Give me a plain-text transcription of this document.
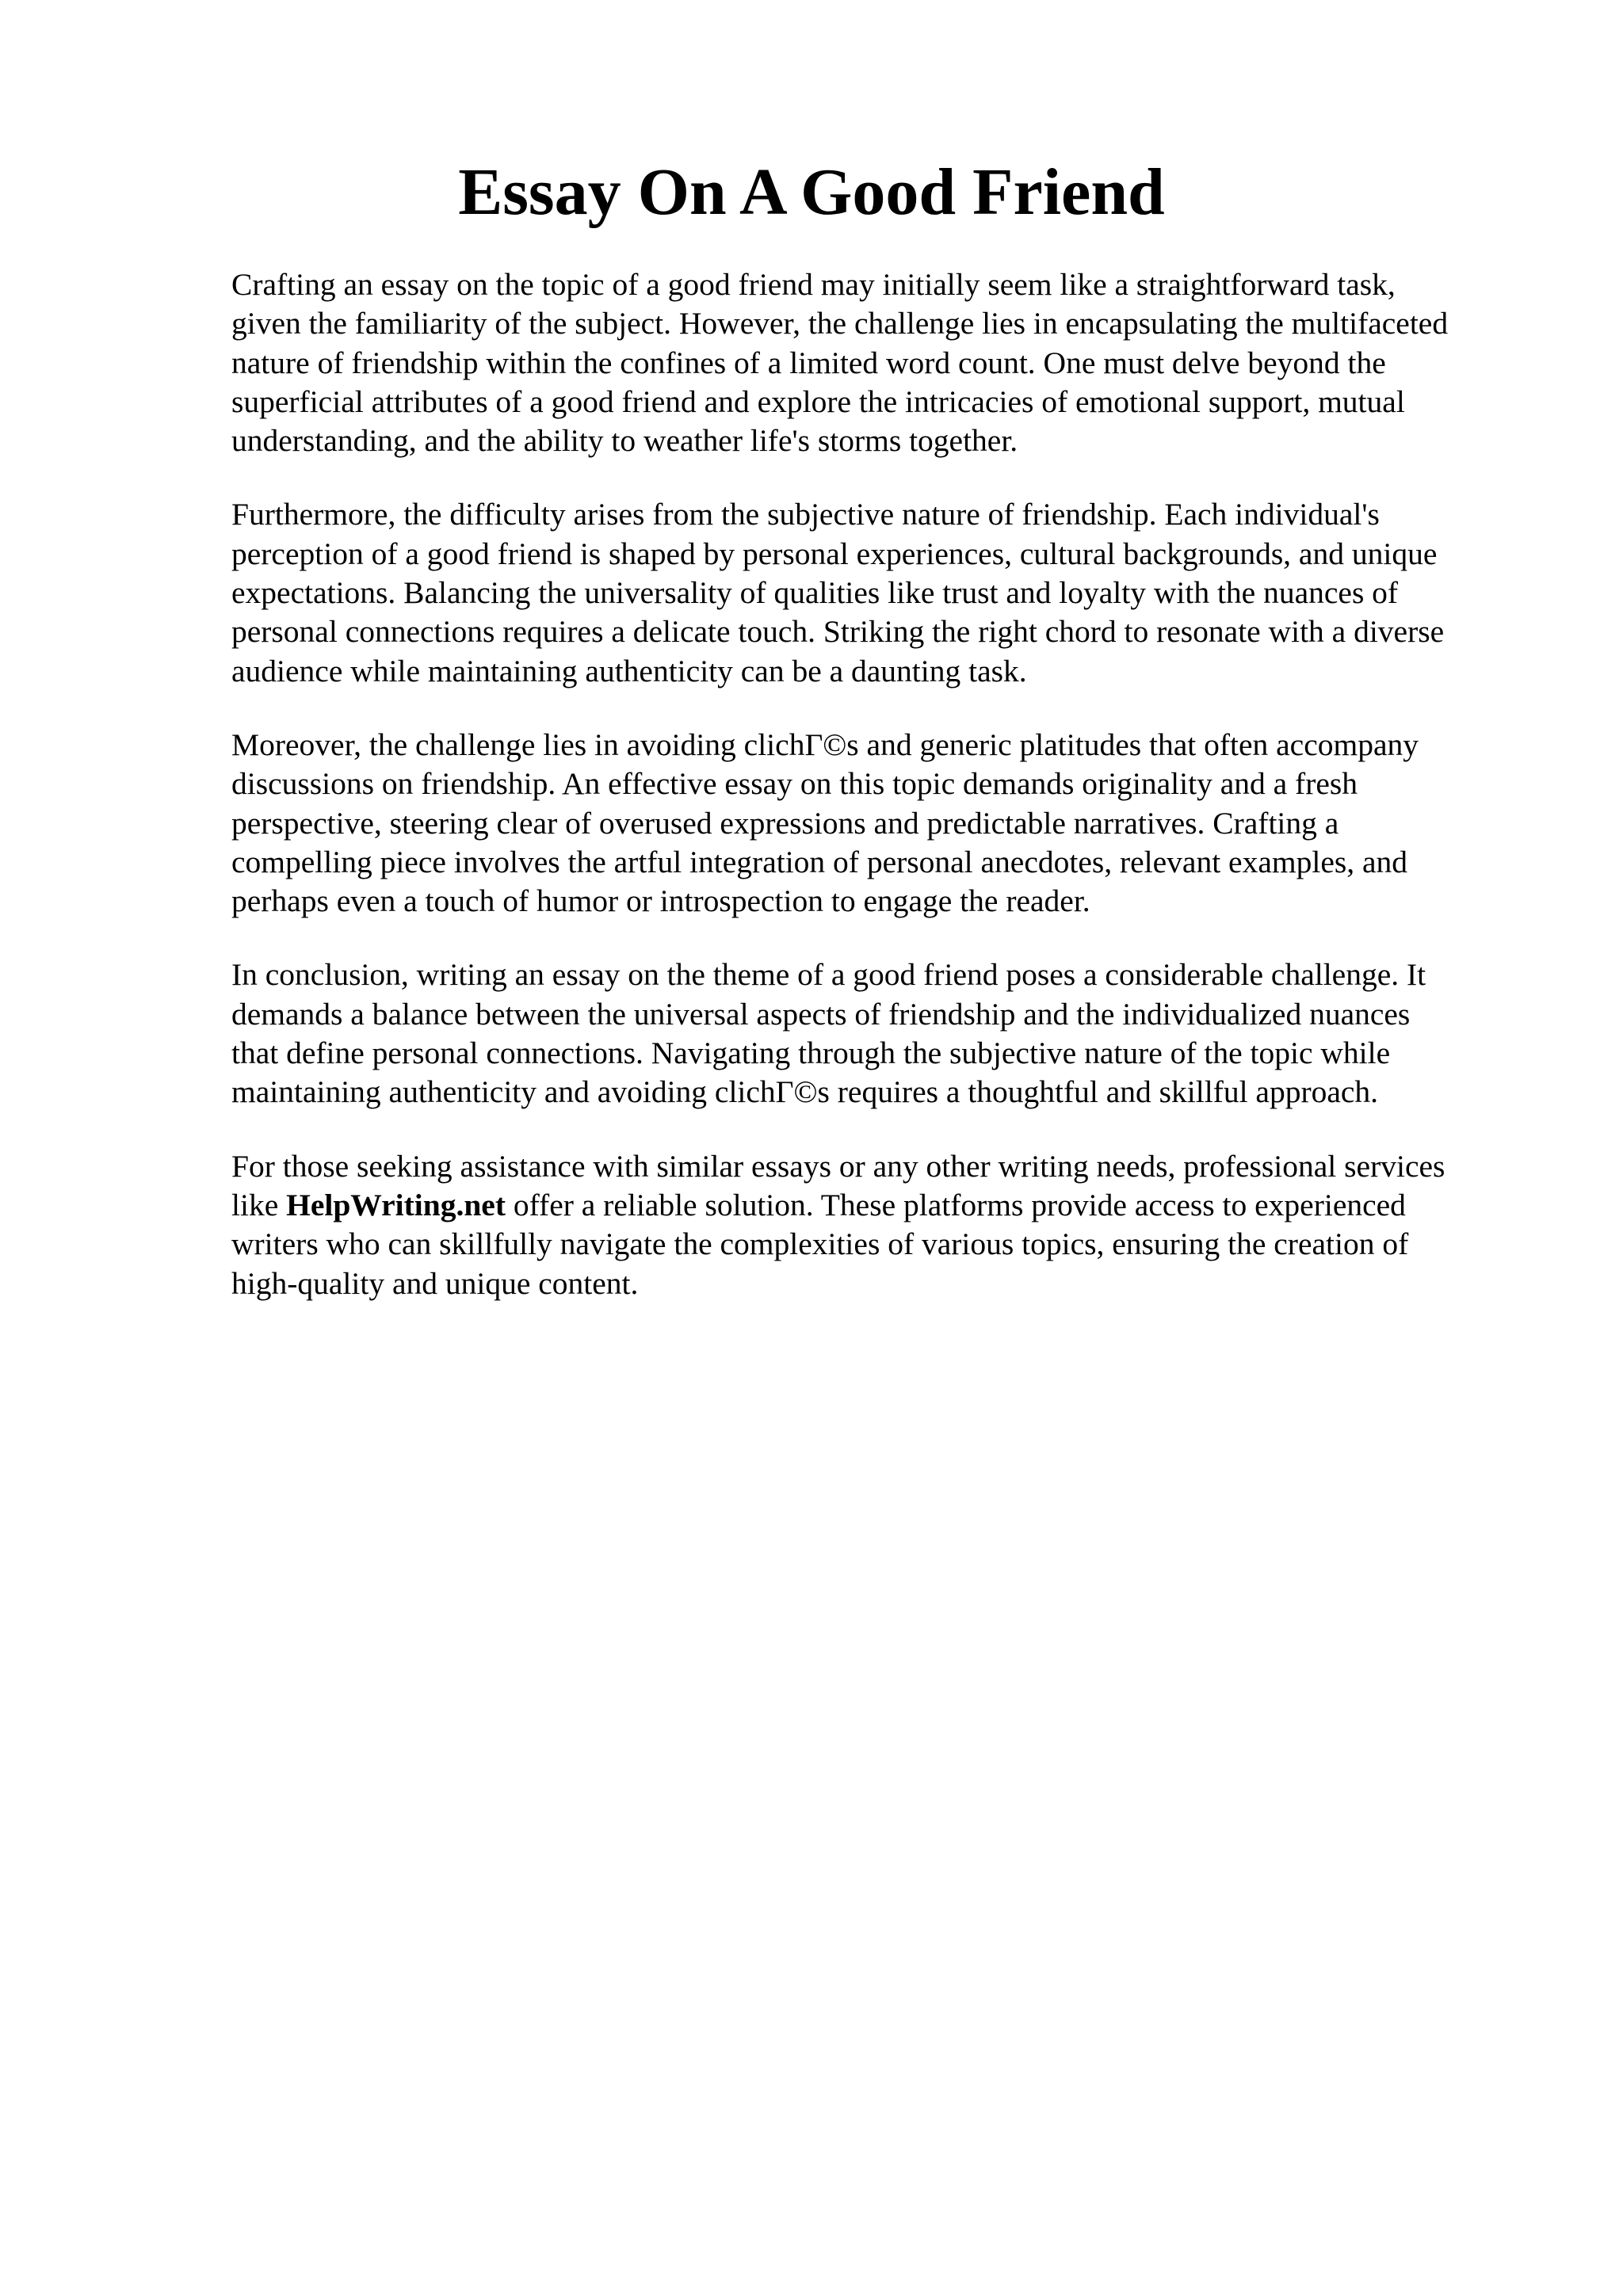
Essay On A Good Friend

Crafting an essay on the topic of a good friend may initially seem like a straightforward task,
given the familiarity of the subject. However, the challenge lies in encapsulating the multifaceted
nature of friendship within the confines of a limited word count. One must delve beyond the
superficial attributes of a good friend and explore the intricacies of emotional support, mutual
understanding, and the ability to weather life's storms together.

Furthermore, the difficulty arises from the subjective nature of friendship. Each individual's
perception of a good friend is shaped by personal experiences, cultural backgrounds, and unique
expectations. Balancing the universality of qualities like trust and loyalty with the nuances of
personal connections requires a delicate touch. Striking the right chord to resonate with a diverse
audience while maintaining authenticity can be a daunting task.

Moreover, the challenge lies in avoiding clichΓ©s and generic platitudes that often accompany
discussions on friendship. An effective essay on this topic demands originality and a fresh
perspective, steering clear of overused expressions and predictable narratives. Crafting a
compelling piece involves the artful integration of personal anecdotes, relevant examples, and
perhaps even a touch of humor or introspection to engage the reader.

In conclusion, writing an essay on the theme of a good friend poses a considerable challenge. It
demands a balance between the universal aspects of friendship and the individualized nuances
that define personal connections. Navigating through the subjective nature of the topic while
maintaining authenticity and avoiding clichΓ©s requires a thoughtful and skillful approach.

For those seeking assistance with similar essays or any other writing needs, professional services
like HelpWriting.net offer a reliable solution. These platforms provide access to experienced
writers who can skillfully navigate the complexities of various topics, ensuring the creation of
high-quality and unique content.
